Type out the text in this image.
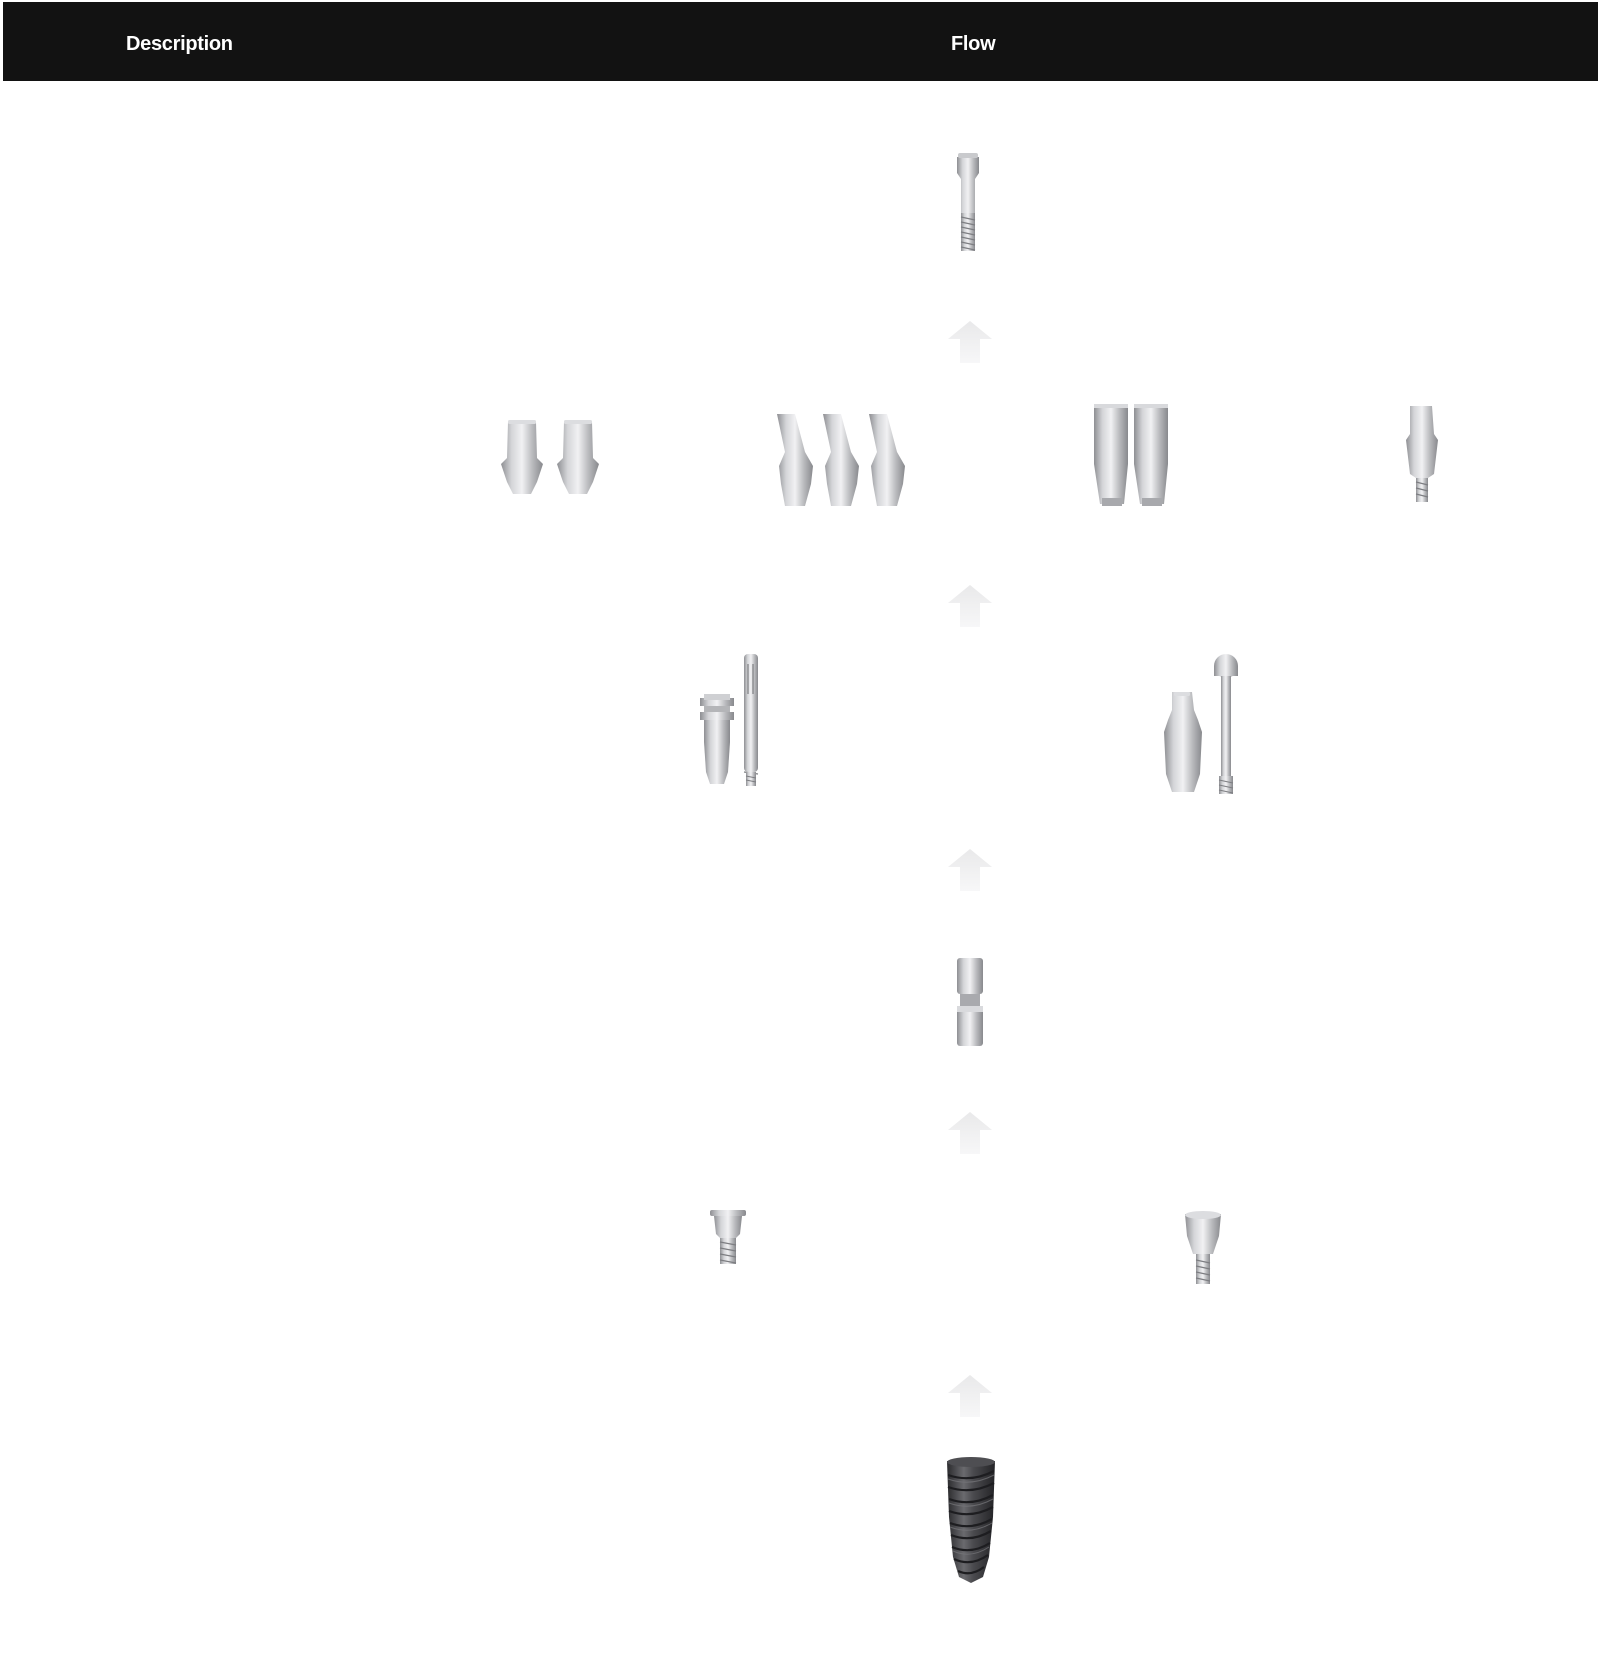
Description	Flow
